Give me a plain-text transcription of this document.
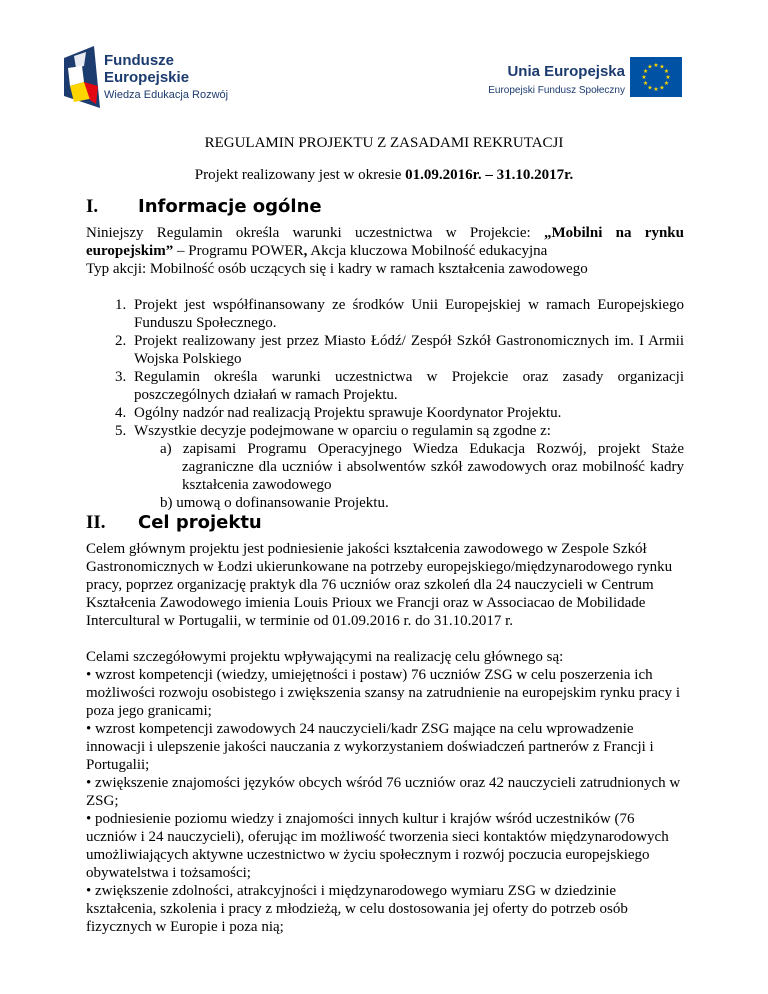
Fundusze
Europejskie
Wiedza Edukacja Rozwój
Unia Europejska
Europejski Fundusz Społeczny
★ ★
★
★
★
★
★
★
★
★
★
★
REGULAMIN PROJEKTU Z ZASADAMI REKRUTACJI
Projekt realizowany jest w okresie 01.09.2016r. – 31.10.2017r.
I. Informacje ogólne

Niniejszy Regulamin określa warunki uczestnictwa w Projekcie: „Mobilni na rynku europejskim” – Programu POWER, Akcja kluczowa Mobilność edukacyjna

Typ akcji: Mobilność osób uczących się i kadry w ramach kształcenia zawodowego

1. Projekt jest współfinansowany ze środków Unii Europejskiej w ramach Europejskiego Funduszu Społecznego.
2. Projekt realizowany jest przez Miasto Łódź/ Zespół Szkół Gastronomicznych im. I Armii Wojska Polskiego
3. Regulamin określa warunki uczestnictwa w Projekcie oraz zasady organizacji poszczególnych działań w ramach Projektu.
4. Ogólny nadzór nad realizacją Projektu sprawuje Koordynator Projektu.
5. Wszystkie decyzje podejmowane w oparciu o regulamin są zgodne z:
a) zapisami Programu Operacyjnego Wiedza Edukacja Rozwój, projekt Staże zagraniczne dla uczniów i absolwentów szkół zawodowych oraz mobilność kadry kształcenia zawodowego
b) umową o dofinansowanie Projektu.
II. Cel projektu

Celem głównym projektu jest podniesienie jakości kształcenia zawodowego w Zespole Szkół Gastronomicznych w Łodzi ukierunkowane na potrzeby europejskiego/międzynarodowego rynku pracy, poprzez organizację praktyk dla 76 uczniów oraz szkoleń dla 24 nauczycieli w Centrum Kształcenia Zawodowego imienia Louis Prioux we Francji oraz w Associacao de Mobilidade Intercultural w Portugalii, w terminie od 01.09.2016 r. do 31.10.2017 r.

Celami szczegółowymi projektu wpływającymi na realizację celu głównego są:

• wzrost kompetencji (wiedzy, umiejętności i postaw) 76 uczniów ZSG w celu poszerzenia ich możliwości rozwoju osobistego i zwiększenia szansy na zatrudnienie na europejskim rynku pracy i poza jego granicami;

• wzrost kompetencji zawodowych 24 nauczycieli/kadr ZSG mające na celu wprowadzenie innowacji i ulepszenie jakości nauczania z wykorzystaniem doświadczeń partnerów z Francji i Portugalii;

• zwiększenie znajomości języków obcych wśród 76 uczniów oraz 42 nauczycieli zatrudnionych w ZSG;

• podniesienie poziomu wiedzy i znajomości innych kultur i krajów wśród uczestników (76 uczniów i 24 nauczycieli), oferując im możliwość tworzenia sieci kontaktów międzynarodowych umożliwiających aktywne uczestnictwo w życiu społecznym i rozwój poczucia europejskiego obywatelstwa i tożsamości;

• zwiększenie zdolności, atrakcyjności i międzynarodowego wymiaru ZSG w dziedzinie kształcenia, szkolenia i pracy z młodzieżą, w celu dostosowania jej oferty do potrzeb osób fizycznych w Europie i poza nią;
